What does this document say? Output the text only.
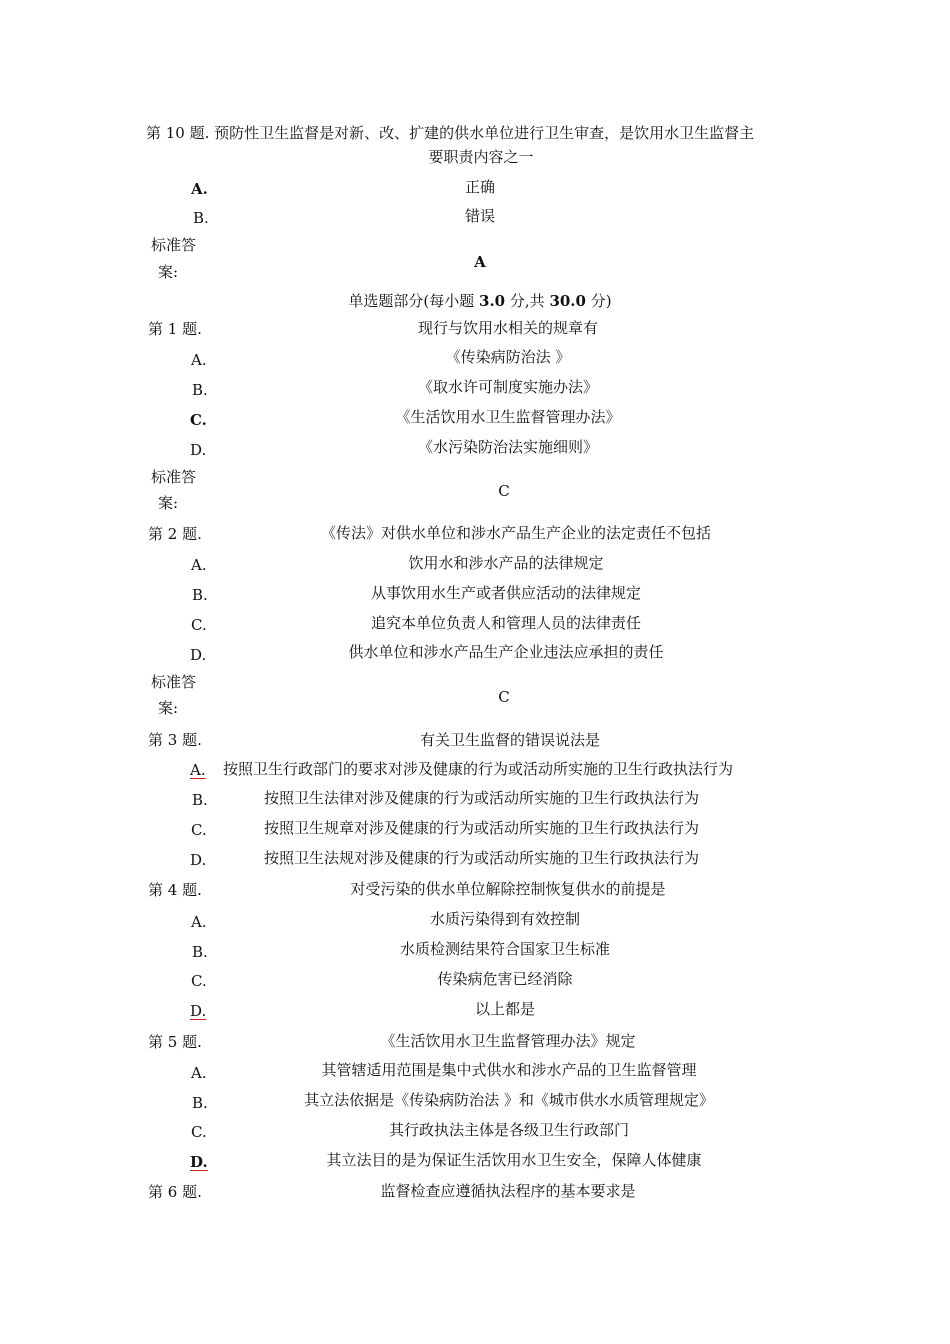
第 10 题. 预防性卫生监督是对新、改、扩建的供水单位进行卫生审查，是饮用水卫生监督主
要职责内容之一
A.	正确
B.	错误
标准答
案:
A
单选题部分(每小题 3.0 分,共 30.0 分)
第 1 题.	现行与饮用水相关的规章有
A.	《传染病防治法 》
B.	《取水许可制度实施办法》
C.	《生活饮用水卫生监督管理办法》
D.	《水污染防治法实施细则》
标准答
案:
C
第 2 题.	《传法》对供水单位和涉水产品生产企业的法定责任不包括
A.	饮用水和涉水产品的法律规定
B.	从事饮用水生产或者供应活动的法律规定
C.	追究本单位负责人和管理人员的法律责任
D.	供水单位和涉水产品生产企业违法应承担的责任
标准答
案:
C
第 3 题.	有关卫生监督的错误说法是
A. 按照卫生行政部门的要求对涉及健康的行为或活动所实施的卫生行政执法行为
B.	按照卫生法律对涉及健康的行为或活动所实施的卫生行政执法行为
C.	按照卫生规章对涉及健康的行为或活动所实施的卫生行政执法行为
D.	按照卫生法规对涉及健康的行为或活动所实施的卫生行政执法行为
第 4 题.	对受污染的供水单位解除控制恢复供水的前提是
A.	水质污染得到有效控制
B.	水质检测结果符合国家卫生标准
C.	传染病危害已经消除
D.	以上都是
第 5 题.	《生活饮用水卫生监督管理办法》规定
A.	其管辖适用范围是集中式供水和涉水产品的卫生监督管理
B.	其立法依据是《传染病防治法 》和《城市供水水质管理规定》
C.	其行政执法主体是各级卫生行政部门
D.	其立法目的是为保证生活饮用水卫生安全，保障人体健康
第 6 题.	监督检查应遵循执法程序的基本要求是
